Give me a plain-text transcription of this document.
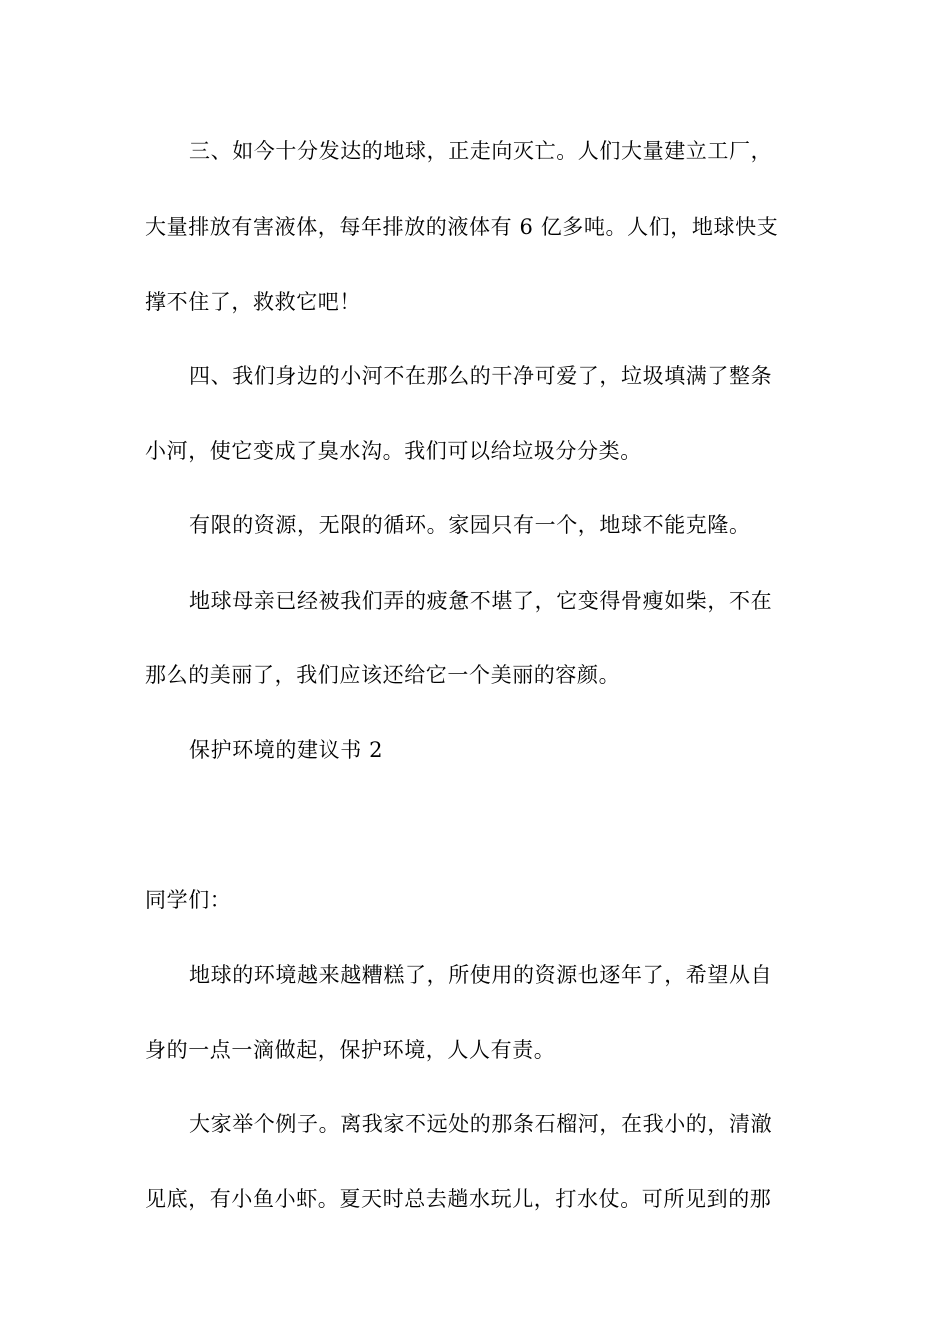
三、如今十分发达的地球，正走向灭亡。人们大量建立工厂，
大量排放有害液体，每年排放的液体有 6 亿多吨。人们，地球快支
撑不住了，救救它吧！
四、我们身边的小河不在那么的干净可爱了，垃圾填满了整条
小河，使它变成了臭水沟。我们可以给垃圾分分类。
有限的资源，无限的循环。家园只有一个，地球不能克隆。
地球母亲已经被我们弄的疲惫不堪了，它变得骨瘦如柴，不在
那么的美丽了，我们应该还给它一个美丽的容颜。
保护环境的建议书 2
同学们：
地球的环境越来越糟糕了，所使用的资源也逐年了，希望从自
身的一点一滴做起，保护环境，人人有责。
大家举个例子。离我家不远处的那条石榴河，在我小的，清澈
见底，有小鱼小虾。夏天时总去趟水玩儿，打水仗。可所见到的那
